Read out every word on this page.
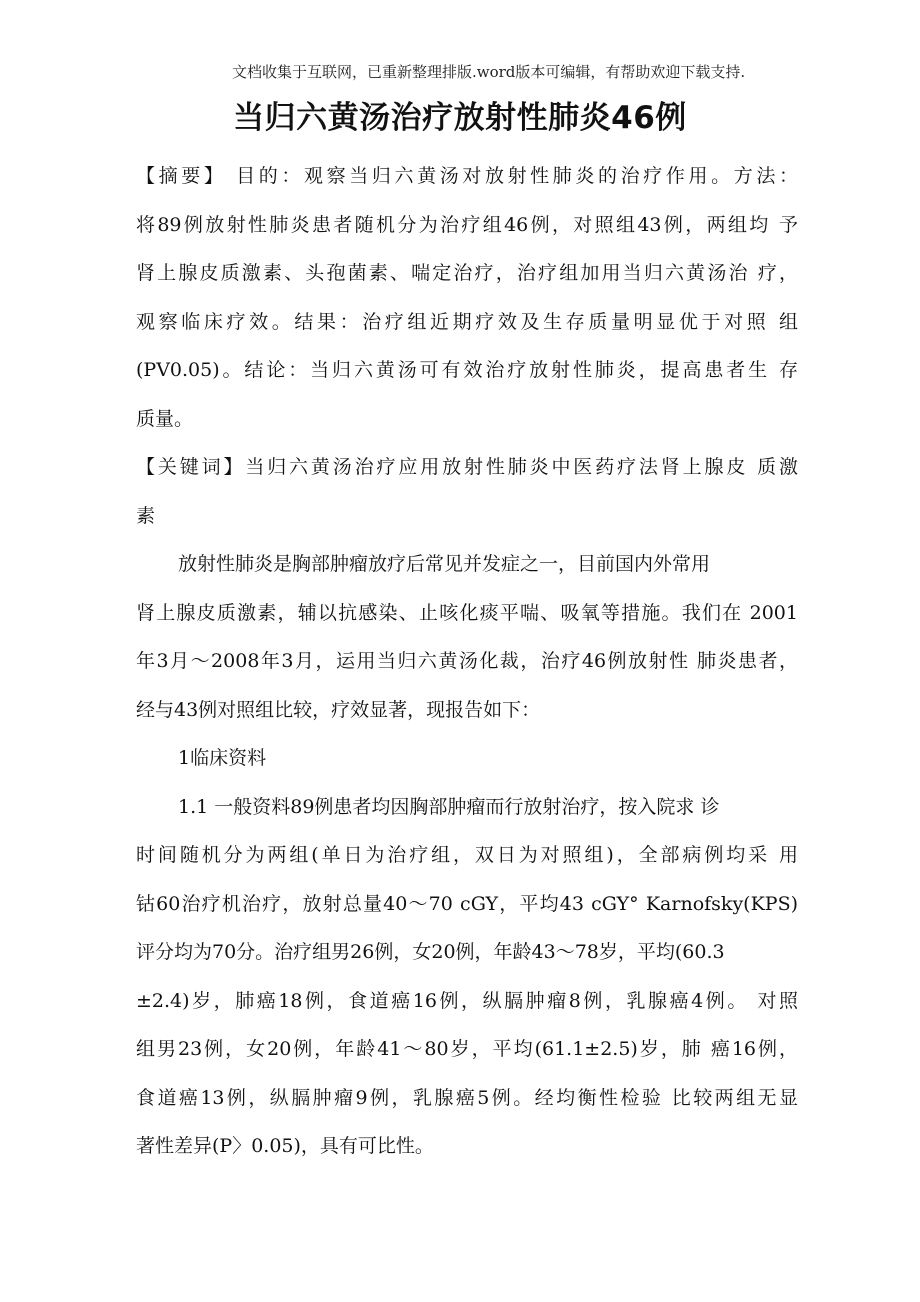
文档收集于互联网，已重新整理排版.word版本可编辑，有帮助欢迎下载支持.
当归六黄汤治疗放射性肺炎46例
【摘要】 目的：观察当归六黄汤对放射性肺炎的治疗作用。方法：
将89例放射性肺炎患者随机分为治疗组46例，对照组43例，两组均 予
肾上腺皮质激素、头孢菌素、喘定治疗，治疗组加用当归六黄汤治 疗，
观察临床疗效。结果：治疗组近期疗效及生存质量明显优于对照 组
(PV0.05)。结论：当归六黄汤可有效治疗放射性肺炎，提高患者生 存
质量。
【关键词】当归六黄汤治疗应用放射性肺炎中医药疗法肾上腺皮 质激
素
放射性肺炎是胸部肿瘤放疗后常见并发症之一，目前国内外常用
肾上腺皮质激素，辅以抗感染、止咳化痰平喘、吸氧等措施。我们在 2001
年3月〜2008年3月，运用当归六黄汤化裁，治疗46例放射性 肺炎患者，
经与43例对照组比较，疗效显著，现报告如下：
1临床资料
1.1 一般资料89例患者均因胸部肿瘤而行放射治疗，按入院求 诊
时间随机分为两组(单日为治疗组，双日为对照组)，全部病例均采 用
钴60治疗机治疗，放射总量40〜70 cGY，平均43 cGY° Karnofsky(KPS)
评分均为70分。治疗组男26例，女20例，年龄43〜78岁，平均(60.3
±2.4)岁，肺癌18例，食道癌16例，纵膈肿瘤8例，乳腺癌4例。 对照
组男23例，女20例，年龄41〜80岁，平均(61.1±2.5)岁，肺 癌16例，
食道癌13例，纵膈肿瘤9例，乳腺癌5例。经均衡性检验 比较两组无显
著性差异(P〉0.05)，具有可比性。
